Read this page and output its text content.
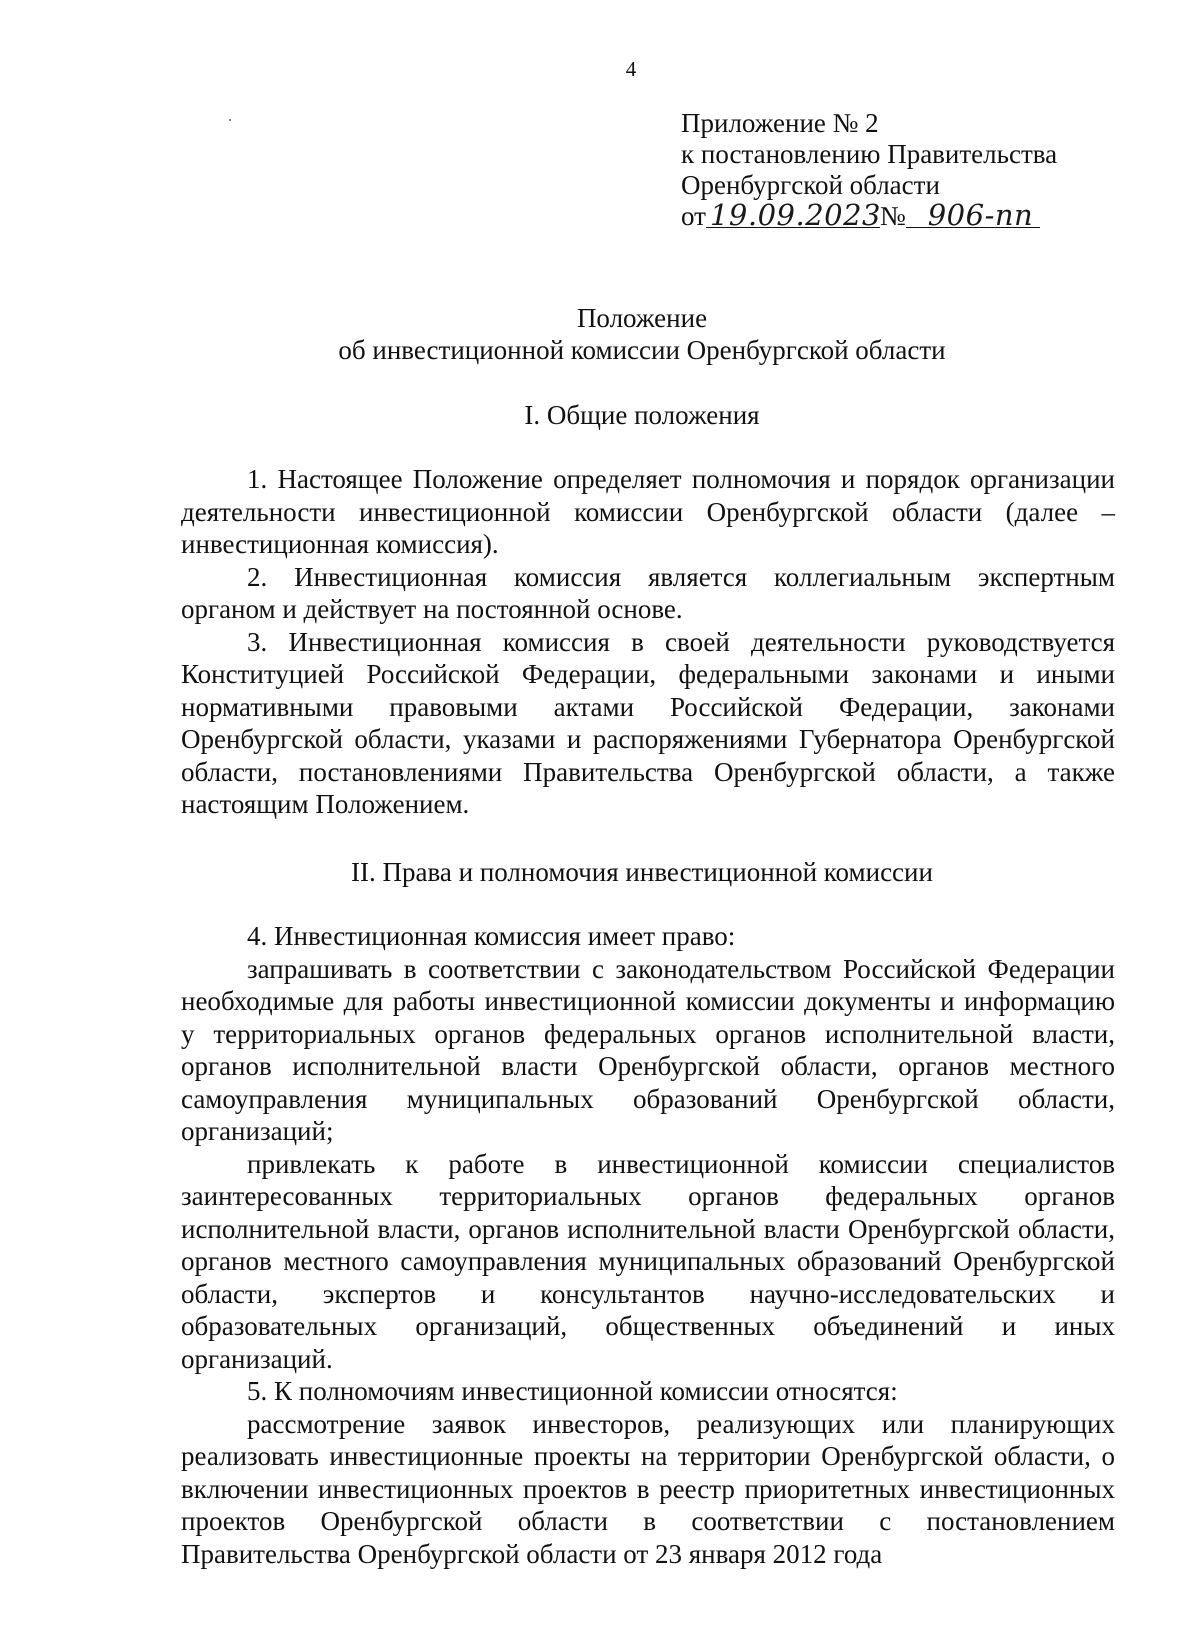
4
Приложение № 2
к постановлению Правительства
Оренбургской области
от 19.09.2023№ 906-пп
Положение
об инвестиционной комиссии Оренбургской области
I. Общие положения

1. Настоящее Положение определяет полномочия и порядок организации деятельности инвестиционной комиссии Оренбургской области (далее –инвестиционная комиссия).

2. Инвестиционная комиссия является коллегиальным экспертным органом и действует на постоянной основе.

3. Инвестиционная комиссия в своей деятельности руководствуется Конституцией Российской Федерации, федеральными законами и иными нормативными правовыми актами Российской Федерации, законами Оренбургской области, указами и распоряжениями Губернатора Оренбургской области, постановлениями Правительства Оренбургской области, а также настоящим Положением.

II. Права и полномочия инвестиционной комиссии

4. Инвестиционная комиссия имеет право:

запрашивать в соответствии с законодательством Российской Федерации необходимые для работы инвестиционной комиссии документы и информацию у территориальных органов федеральных органов исполнительной власти, органов исполнительной власти Оренбургской области, органов местного самоуправления муниципальных образований Оренбургской области, организаций;

привлекать к работе в инвестиционной комиссии специалистов заинтересованных территориальных органов федеральных органов исполнительной власти, органов исполнительной власти Оренбургской области, органов местного самоуправления муниципальных образований Оренбургской области, экспертов и консультантов научно-исследовательских и образовательных организаций, общественных объединений и иных организаций.

5. К полномочиям инвестиционной комиссии относятся:

рассмотрение заявок инвесторов, реализующих или планирующих реализовать инвестиционные проекты на территории Оренбургской области, о включении инвестиционных проектов в реестр приоритетных инвестиционных проектов Оренбургской области в соответствии с постановлением Правительства Оренбургской области от 23 января 2012 года
